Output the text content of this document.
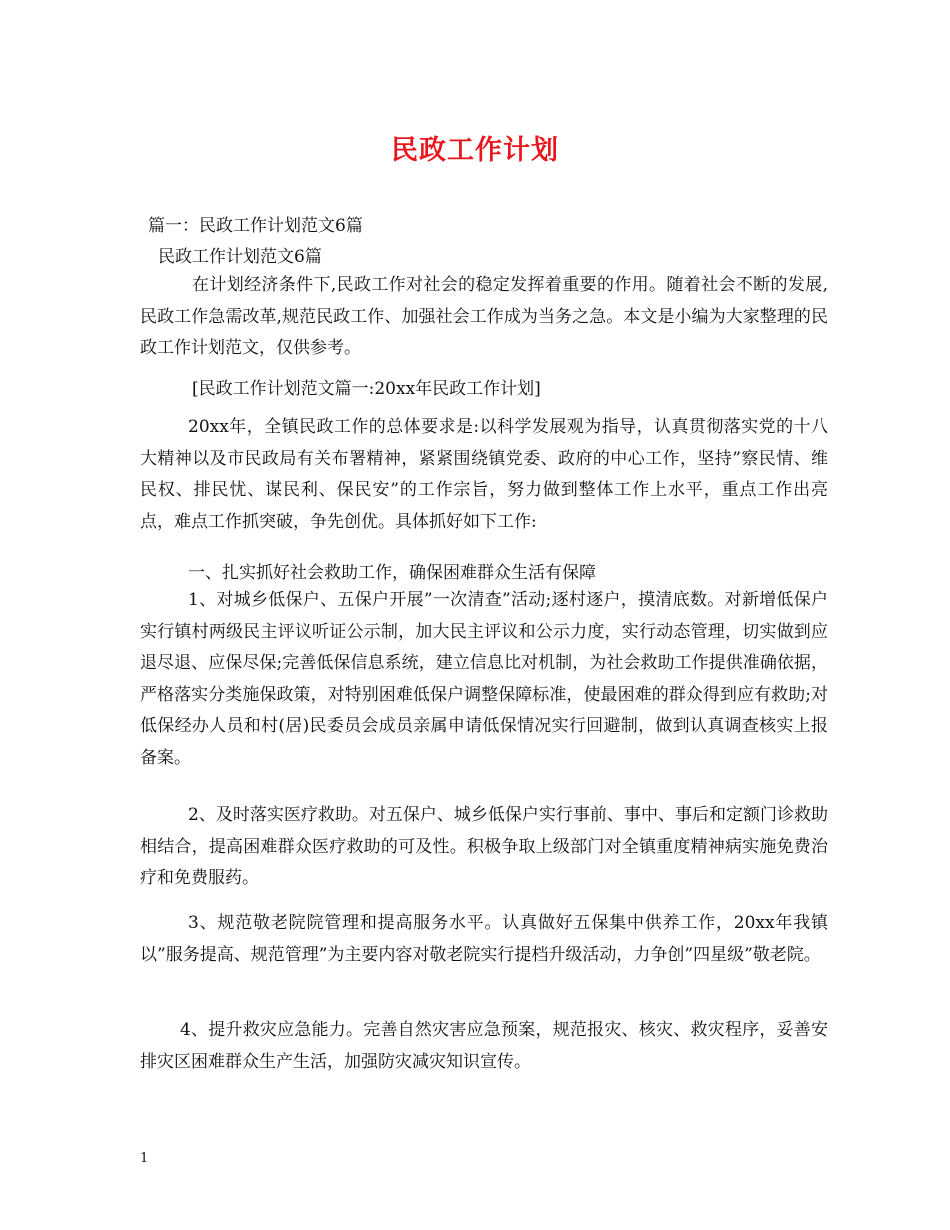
民政工作计划
篇一：民政工作计划范文6篇
民政工作计划范文6篇

在计划经济条件下,民政工作对社会的稳定发挥着重要的作用。随着社会不断的发展,民政工作急需改革,规范民政工作、加强社会工作成为当务之急。本文是小编为大家整理的民政工作计划范文，仅供参考。

[民政工作计划范文篇一:20xx年民政工作计划]

20xx年，全镇民政工作的总体要求是:以科学发展观为指导，认真贯彻落实党的十八大精神以及市民政局有关布署精神，紧紧围绕镇党委、政府的中心工作，坚持”察民情、维民权、排民忧、谋民利、保民安”的工作宗旨，努力做到整体工作上水平，重点工作出亮点，难点工作抓突破，争先创优。具体抓好如下工作:

一、扎实抓好社会救助工作，确保困难群众生活有保障

1、对城乡低保户、五保户开展”一次清查”活动;逐村逐户，摸清底数。对新增低保户实行镇村两级民主评议听证公示制，加大民主评议和公示力度，实行动态管理，切实做到应退尽退、应保尽保;完善低保信息系统，建立信息比对机制，为社会救助工作提供准确依据，严格落实分类施保政策，对特别困难低保户调整保障标准，使最困难的群众得到应有救助;对低保经办人员和村(居)民委员会成员亲属申请低保情况实行回避制，做到认真调查核实上报备案。

2、及时落实医疗救助。对五保户、城乡低保户实行事前、事中、事后和定额门诊救助相结合，提高困难群众医疗救助的可及性。积极争取上级部门对全镇重度精神病实施免费治疗和免费服药。

3、规范敬老院院管理和提高服务水平。认真做好五保集中供养工作，20xx年我镇以”服务提高、规范管理”为主要内容对敬老院实行提档升级活动，力争创”四星级”敬老院。

4、提升救灾应急能力。完善自然灾害应急预案，规范报灾、核灾、救灾程序，妥善安排灾区困难群众生产生活，加强防灾减灾知识宣传。

1
